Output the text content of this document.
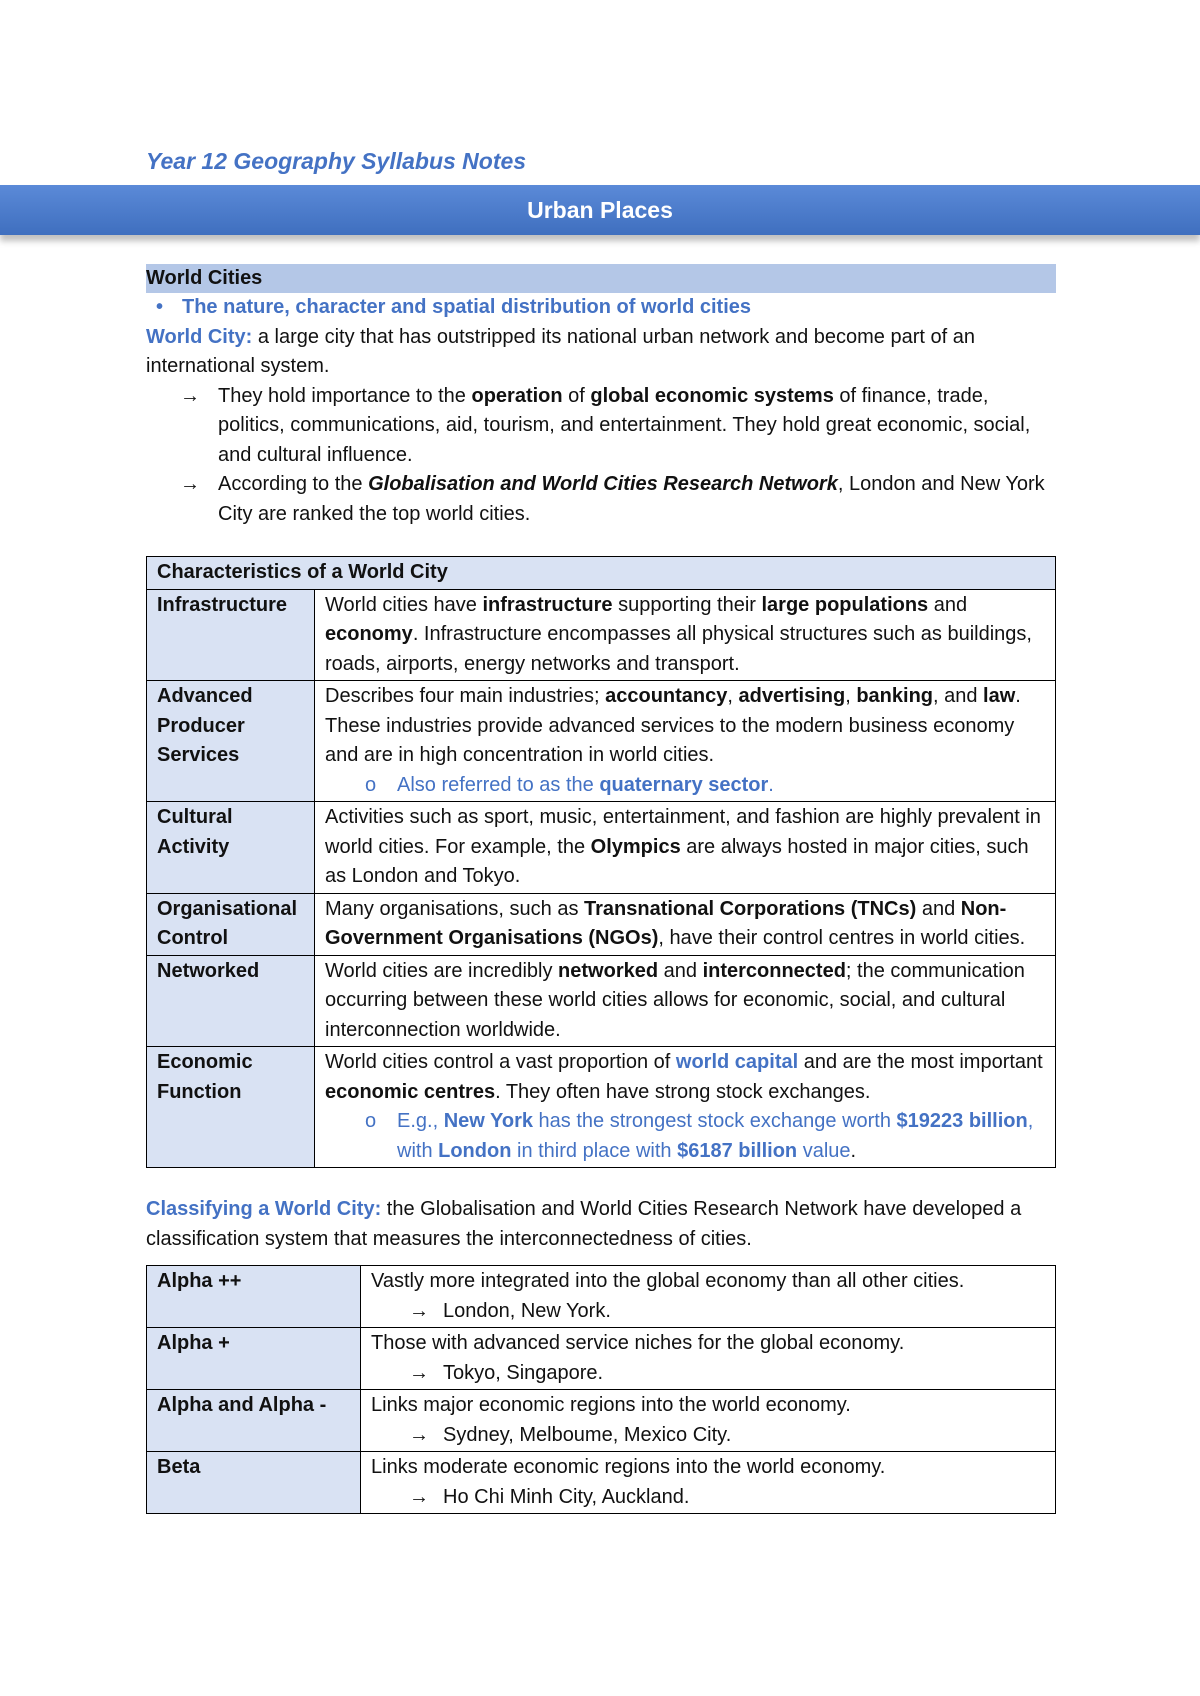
Year 12 Geography Syllabus Notes
Urban Places
World Cities
• The nature, character and spatial distribution of world cities
World City: a large city that has outstripped its national urban network and become part of an international system.
→ They hold importance to the operation of global economic systems of finance, trade, politics, communications, aid, tourism, and entertainment. They hold great economic, social, and cultural influence.
→ According to the Globalisation and World Cities Research Network, London and New York City are ranked the top world cities.
Characteristics of a World City	
Infrastructure	World cities have infrastructure supporting their large populations and economy. Infrastructure encompasses all physical structures such as buildings, roads, airports, energy networks and transport.
Advanced Producer Services	Describes four main industries; accountancy, advertising, banking, and law. These industries provide advanced services to the modern business economy and are in high concentration in world cities.
o Also referred to as the quaternary sector.

Cultural Activity	Activities such as sport, music, entertainment, and fashion are highly prevalent in world cities. For example, the Olympics are always hosted in major cities, such as London and Tokyo.
Organisational Control	Many organisations, such as Transnational Corporations (TNCs) and Non-Government Organisations (NGOs), have their control centres in world cities.
Networked	World cities are incredibly networked and interconnected; the communication occurring between these world cities allows for economic, social, and cultural interconnection worldwide.
Economic Function	World cities control a vast proportion of world capital and are the most important economic centres. They often have strong stock exchanges.
o E.g., New York has the strongest stock exchange worth $19223 billion, with London in third place with $6187 billion value.
Classifying a World City: the Globalisation and World Cities Research Network have developed a classification system that measures the interconnectedness of cities.
Alpha ++	Vastly more integrated into the global economy than all other cities.
→ London, New York.

Alpha +	Those with advanced service niches for the global economy.
→ Tokyo, Singapore.

Alpha and Alpha -	Links major economic regions into the world economy.
→ Sydney, Melboume, Mexico City.

Beta	Links moderate economic regions into the world economy.
→ Ho Chi Minh City, Auckland.
